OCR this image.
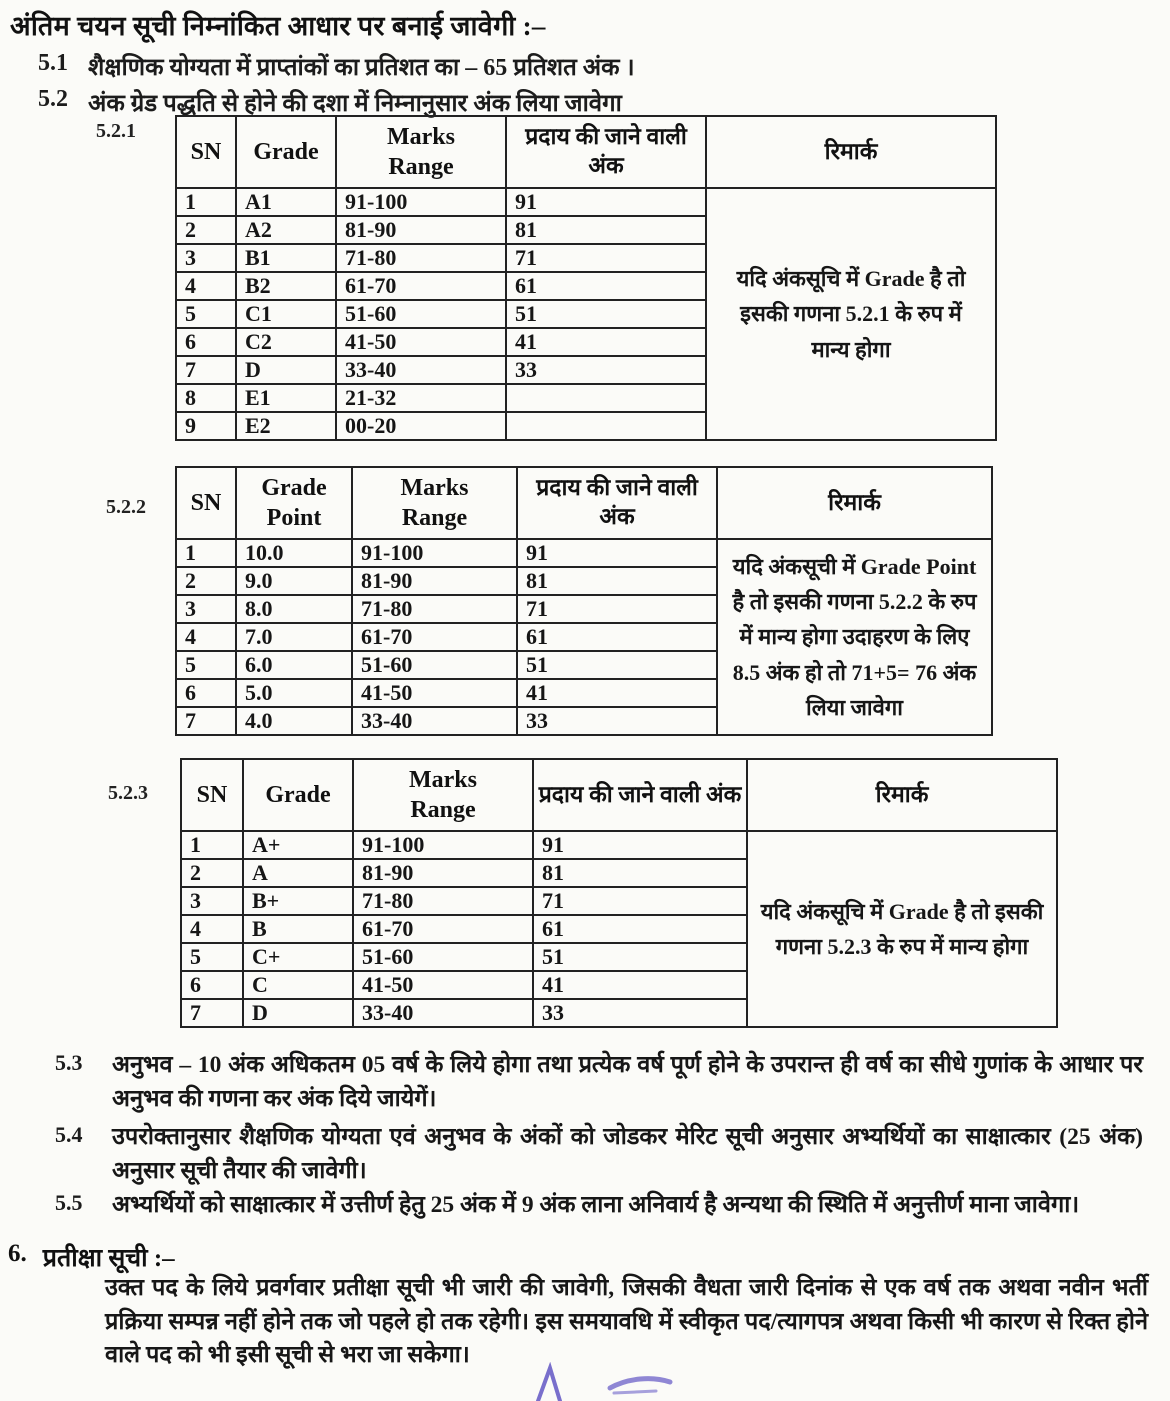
अंतिम चयन सूची निम्नांकित आधार पर बनाई जावेगी :–
5.1 शैक्षणिक योग्यता में प्राप्तांकों का प्रतिशत का – 65 प्रतिशत अंक ।
5.2 अंक ग्रेड पद्धति से होने की दशा में निम्नानुसार अंक लिया जावेगा
5.2.1
5.2.2
5.2.3
SN	Grade	Marks Range	प्रदाय की जाने वाली अंक	रिमार्क
1	A1	91-100	91	यदि अंकसूचि में Grade है तो इसकी गणना 5.2.1 के रुप में मान्य होगा
2	A2	81-90	81	
3	B1	71-80	71	
4	B2	61-70	61	
5	C1	51-60	51	
6	C2	41-50	41	
7	D	33-40	33	
8	E1	21-32		
9	E2	00-20		
SN	Grade Point	Marks Range	प्रदाय की जाने वाली अंक	रिमार्क
1	10.0	91-100	91	यदि अंकसूची में Grade Point है तो इसकी गणना 5.2.2 के रुप में मान्य होगा उदाहरण के लिए 8.5 अंक हो तो 71+5= 76 अंक लिया जावेगा
2	9.0	81-90	81	
3	8.0	71-80	71	
4	7.0	61-70	61	
5	6.0	51-60	51	
6	5.0	41-50	41	
7	4.0	33-40	33	
SN	Grade	Marks Range	प्रदाय की जाने वाली अंक	रिमार्क
1	A+	91-100	91	यदि अंकसूचि में Grade है तो इसकी गणना 5.2.3 के रुप में मान्य होगा
2	A	81-90	81	
3	B+	71-80	71	
4	B	61-70	61	
5	C+	51-60	51	
6	C	41-50	41	
7	D	33-40	33	
5.3	अनुभव – 10 अंक अधिकतम 05 वर्ष के लिये होगा तथा प्रत्येक वर्ष पूर्ण होने के उपरान्त ही वर्ष का सीधे गुणांक के आधार पर अनुभव की गणना कर अंक दिये जायेगें।
5.4	उपरोक्तानुसार शैक्षणिक योग्यता एवं अनुभव के अंकों को जोडकर मेरिट सूची अनुसार अभ्यर्थियों का साक्षात्कार (25 अंक) अनुसार सूची तैयार की जावेगी।
5.5	अभ्यर्थियों को साक्षात्कार में उत्तीर्ण हेतु 25 अंक में 9 अंक लाना अनिवार्य है अन्यथा की स्थिति में अनुत्तीर्ण माना जावेगा।
6. प्रतीक्षा सूची :–
उक्त पद के लिये प्रवर्गवार प्रतीक्षा सूची भी जारी की जावेगी, जिसकी वैधता जारी दिनांक से एक वर्ष तक अथवा नवीन भर्ती प्रक्रिया सम्पन्न नहीं होने तक जो पहले हो तक रहेगी। इस समयावधि में स्वीकृत पद/त्यागपत्र अथवा किसी भी कारण से रिक्त होने वाले पद को भी इसी सूची से भरा जा सकेगा।
